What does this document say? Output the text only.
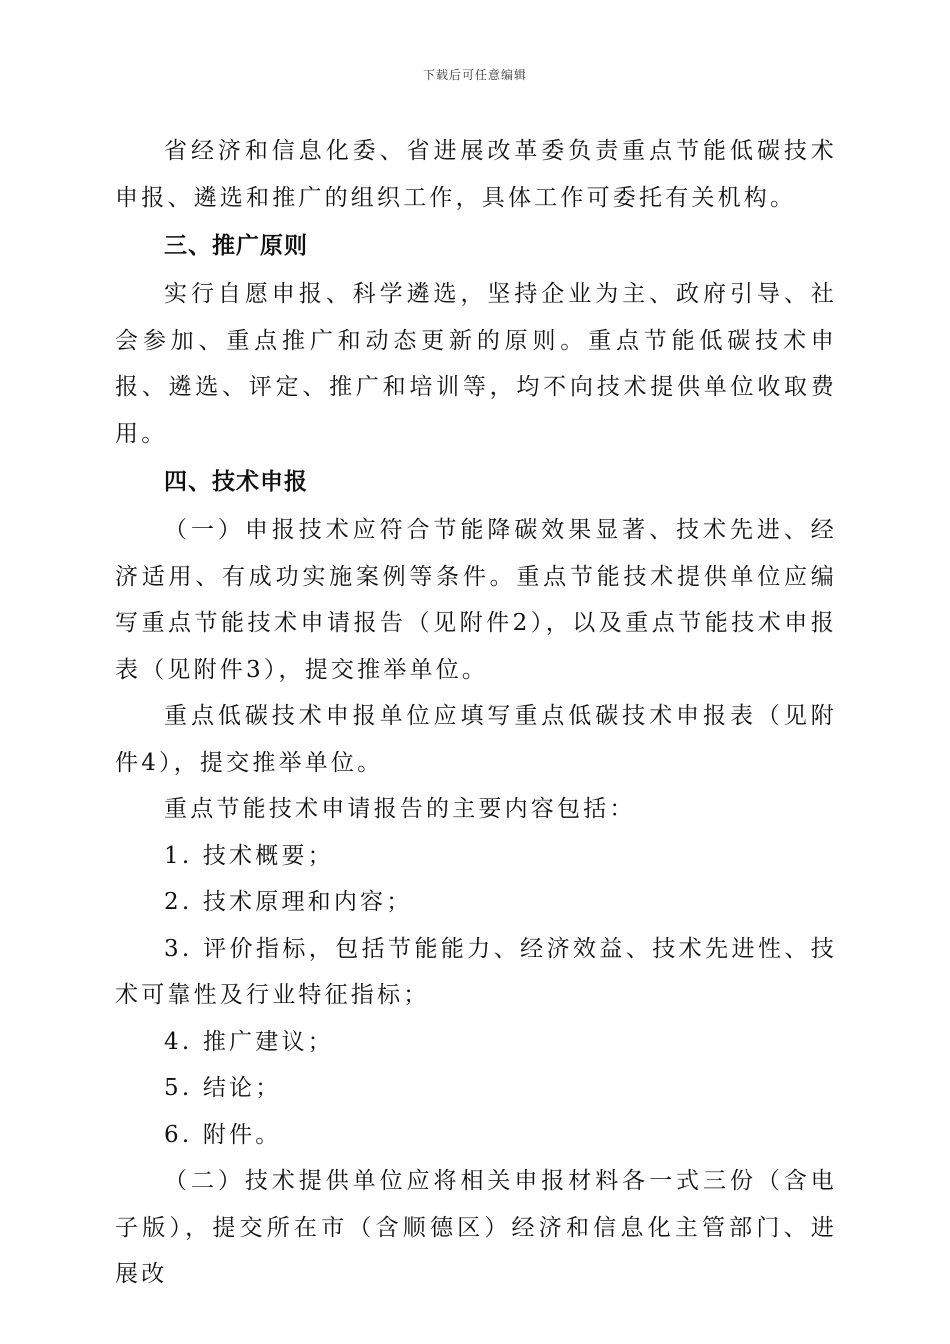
下载后可任意编辑

省经济和信息化委、省进展改革委负责重点节能低碳技术申报、遴选和推广的组织工作，具体工作可委托有关机构。

三、推广原则

实行自愿申报、科学遴选，坚持企业为主、政府引导、社会参加、重点推广和动态更新的原则。重点节能低碳技术申报、遴选、评定、推广和培训等，均不向技术提供单位收取费用。

四、技术申报

（一）申报技术应符合节能降碳效果显著、技术先进、经济适用、有成功实施案例等条件。重点节能技术提供单位应编写重点节能技术申请报告（见附件2），以及重点节能技术申报表（见附件3），提交推举单位。

重点低碳技术申报单位应填写重点低碳技术申报表（见附件4），提交推举单位。

重点节能技术申请报告的主要内容包括：

1. 技术概要；

2. 技术原理和内容；

3. 评价指标，包括节能能力、经济效益、技术先进性、技术可靠性及行业特征指标；

4. 推广建议；

5. 结论；

6. 附件。

（二）技术提供单位应将相关申报材料各一式三份（含电子版），提交所在市（含顺德区）经济和信息化主管部门、进展改
